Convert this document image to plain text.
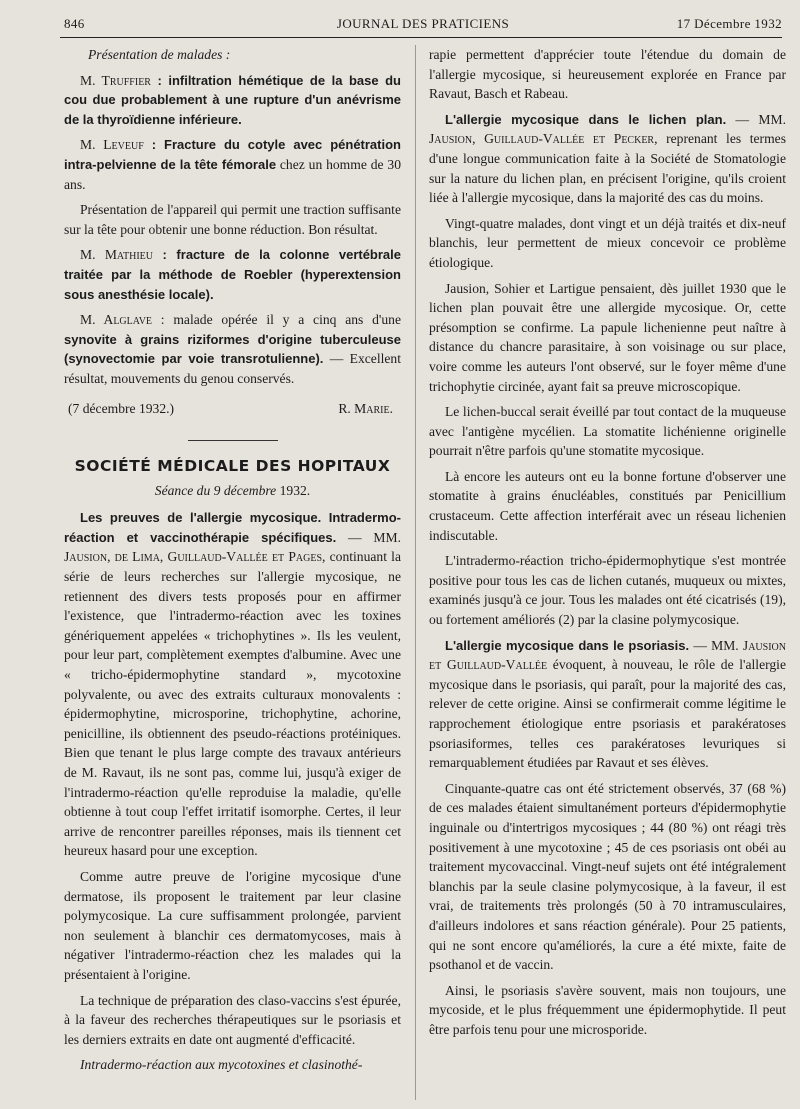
846	JOURNAL DES PRATICIENS	17 Décembre 1932

Présentation de malades :

M. Truffier : infiltration hémétique de la base du cou due probablement à une rupture d'un anévrisme de la thyroïdienne inférieure.

M. Leveuf : Fracture du cotyle avec pénétration intra-pelvienne de la tête fémorale chez un homme de 30 ans.

Présentation de l'appareil qui permit une traction suffisante sur la tête pour obtenir une bonne réduction. Bon résultat.

M. Mathieu : fracture de la colonne vertébrale traitée par la méthode de Roebler (hyperextension sous anesthésie locale).

M. Alglave : malade opérée il y a cinq ans d'une synovite à grains riziformes d'origine tuberculeuse (synovectomie par voie transrotulienne). — Excellent résultat, mouvements du genou conservés.

(7 décembre 1932.)	R. Marie.
SOCIÉTÉ MÉDICALE DES HOPITAUX
Séance du 9 décembre 1932.

Les preuves de l'allergie mycosique. Intradermo-réaction et vaccinothérapie spécifiques. — MM. Jausion, de Lima, Guillaud-Vallée et Pages, continuant la série de leurs recherches sur l'allergie mycosique, ne retiennent des divers tests proposés pour en affirmer l'existence, que l'intradermo-réaction avec les toxines génériquement appelées « trichophytines ». Ils les veulent, pour leur part, complètement exemptes d'albumine. Avec une « tricho-épidermophytine standard », mycotoxine polyvalente, ou avec des extraits culturaux monovalents : épidermophytine, microsporine, trichophytine, achorine, penicilline, ils obtiennent des pseudo-réactions protéiniques. Bien que tenant le plus large compte des travaux antérieurs de M. Ravaut, ils ne sont pas, comme lui, jusqu'à exiger de l'intradermo-réaction qu'elle reproduise la maladie, qu'elle obtienne à tout coup l'effet irritatif isomorphe. Certes, il leur arrive de rencontrer pareilles réponses, mais ils tiennent cet heureux hasard pour une exception.

Comme autre preuve de l'origine mycosique d'une dermatose, ils proposent le traitement par leur clasine polymycosique. La cure suffisamment prolongée, parvient non seulement à blanchir ces dermatomycoses, mais à négativer l'intradermo-réaction chez les malades qui la présentaient à l'origine.

La technique de préparation des claso-vaccins s'est épurée, à la faveur des recherches thérapeutiques sur le psoriasis et les derniers extraits en date ont augmenté d'efficacité.

Intradermo-réaction aux mycotoxines et clasinothé-

rapie permettent d'apprécier toute l'étendue du domain de l'allergie mycosique, si heureusement explorée en France par Ravaut, Basch et Rabeau.

L'allergie mycosique dans le lichen plan. — MM. Jausion, Guillaud-Vallée et Pecker, reprenant les termes d'une longue communication faite à la Société de Stomatologie sur la nature du lichen plan, en précisent l'origine, qu'ils croient liée à l'allergie mycosique, dans la majorité des cas du moins.

Vingt-quatre malades, dont vingt et un déjà traités et dix-neuf blanchis, leur permettent de mieux concevoir ce problème étiologique.

Jausion, Sohier et Lartigue pensaient, dès juillet 1930 que le lichen plan pouvait être une allergide mycosique. Or, cette présomption se confirme. La papule lichenienne peut naître à distance du chancre parasitaire, à son voisinage ou sur place, voire comme les auteurs l'ont observé, sur le foyer même d'une trichophytie circinée, ayant fait sa preuve microscopique.

Le lichen-buccal serait éveillé par tout contact de la muqueuse avec l'antigène mycélien. La stomatite lichénienne originelle pourrait n'être parfois qu'une stomatite mycosique.

Là encore les auteurs ont eu la bonne fortune d'observer une stomatite à grains énucléables, constitués par Penicillium crustaceum. Cette affection interférait avec un réseau lichenien indiscutable.

L'intradermo-réaction tricho-épidermophytique s'est montrée positive pour tous les cas de lichen cutanés, muqueux ou mixtes, examinés jusqu'à ce jour. Tous les malades ont été cicatrisés (19), ou fortement améliorés (2) par la clasine polymycosique.

L'allergie mycosique dans le psoriasis. — MM. Jausion et Guillaud-Vallée évoquent, à nouveau, le rôle de l'allergie mycosique dans le psoriasis, qui paraît, pour la majorité des cas, relever de cette origine. Ainsi se confirmerait comme légitime le rapprochement étiologique entre psoriasis et parakératoses psoriasiformes, telles ces parakératoses levuriques si remarquablement étudiées par Ravaut et ses élèves.

Cinquante-quatre cas ont été strictement observés, 37 (68 %) de ces malades étaient simultanément porteurs d'épidermophytie inguinale ou d'intertrigos mycosiques ; 44 (80 %) ont réagi très positivement à une mycotoxine ; 45 de ces psoriasis ont obéi au traitement mycovaccinal. Vingt-neuf sujets ont été intégralement blanchis par la seule clasine polymycosique, à la faveur, il est vrai, de traitements très prolongés (50 à 70 intramusculaires, d'ailleurs indolores et sans réaction générale). Pour 25 patients, qui ne sont encore qu'améliorés, la cure a été mixte, faite de psothanol et de vaccin.

Ainsi, le psoriasis s'avère souvent, mais non toujours, une mycoside, et le plus fréquemment une épidermophytide. Il peut être parfois tenu pour une microsporide.
